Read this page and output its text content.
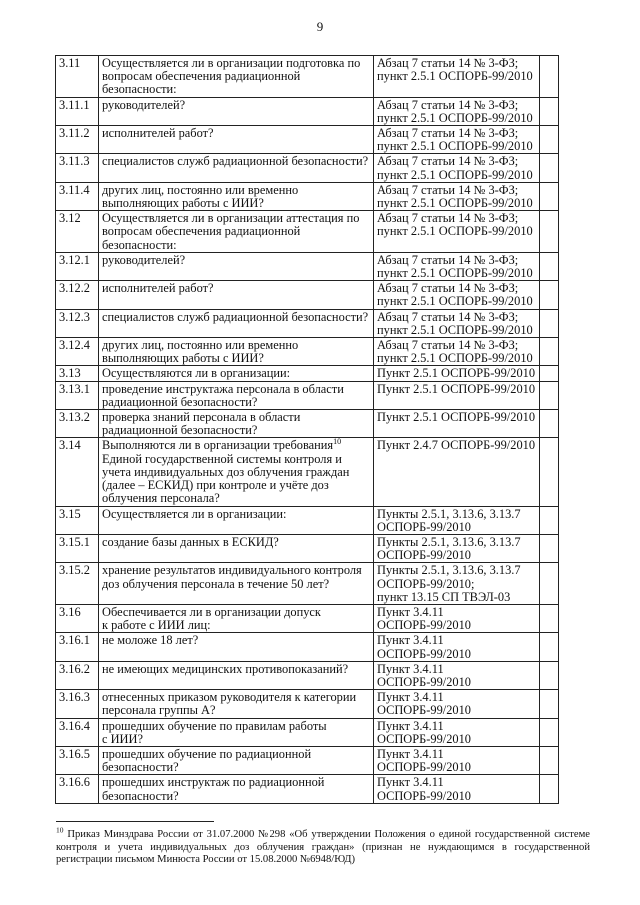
9
3.11	Осуществляется ли в организации подготовка по вопросам обеспечения радиационной безопасности:	Абзац 7 статьи 14 № 3-ФЗ;
пункт 2.5.1 ОСПОРБ-99/2010	
3.11.1	руководителей?	Абзац 7 статьи 14 № 3-ФЗ;
пункт 2.5.1 ОСПОРБ-99/2010	
3.11.2	исполнителей работ?	Абзац 7 статьи 14 № 3-ФЗ;
пункт 2.5.1 ОСПОРБ-99/2010	
3.11.3	специалистов служб радиационной безопасности?	Абзац 7 статьи 14 № 3-ФЗ;
пункт 2.5.1 ОСПОРБ-99/2010	
3.11.4	других лиц, постоянно или временно выполняющих работы с ИИИ?	Абзац 7 статьи 14 № 3-ФЗ;
пункт 2.5.1 ОСПОРБ-99/2010	
3.12	Осуществляется ли в организации аттестация по вопросам обеспечения радиационной безопасности:	Абзац 7 статьи 14 № 3-ФЗ;
пункт 2.5.1 ОСПОРБ-99/2010	
3.12.1	руководителей?	Абзац 7 статьи 14 № 3-ФЗ;
пункт 2.5.1 ОСПОРБ-99/2010	
3.12.2	исполнителей работ?	Абзац 7 статьи 14 № 3-ФЗ;
пункт 2.5.1 ОСПОРБ-99/2010	
3.12.3	специалистов служб радиационной безопасности?	Абзац 7 статьи 14 № 3-ФЗ;
пункт 2.5.1 ОСПОРБ-99/2010	
3.12.4	других лиц, постоянно или временно выполняющих работы с ИИИ?	Абзац 7 статьи 14 № 3-ФЗ;
пункт 2.5.1 ОСПОРБ-99/2010	
3.13	Осуществляются ли в организации:	Пункт 2.5.1 ОСПОРБ-99/2010	
3.13.1	проведение инструктажа персонала в области радиационной безопасности?	Пункт 2.5.1 ОСПОРБ-99/2010	
3.13.2	проверка знаний персонала в области радиационной безопасности?	Пункт 2.5.1 ОСПОРБ-99/2010	
3.14	Выполняются ли в организации требования$^{10}$
Единой государственной системы контроля и учета индивидуальных доз облучения граждан (далее – ЕСКИД) при контроле и учёте доз облучения персонала?	Пункт 2.4.7 ОСПОРБ-99/2010	
3.15	Осуществляется ли в организации:	Пункты 2.5.1, 3.13.6, 3.13.7
ОСПОРБ-99/2010	
3.15.1	создание базы данных в ЕСКИД?	Пункты 2.5.1, 3.13.6, 3.13.7
ОСПОРБ-99/2010	
3.15.2	хранение результатов индивидуального контроля доз облучения персонала в течение 50 лет?	Пункты 2.5.1, 3.13.6, 3.13.7
ОСПОРБ-99/2010;
пункт 13.15 СП ТВЭЛ-03	
3.16	Обеспечивается ли в организации допуск
к работе с ИИИ лиц:	Пункт 3.4.11 ОСПОРБ-99/2010	
3.16.1	не моложе 18 лет?	Пункт 3.4.11 ОСПОРБ-99/2010	
3.16.2	не имеющих медицинских противопоказаний?	Пункт 3.4.11 ОСПОРБ-99/2010	
3.16.3	отнесенных приказом руководителя к категории персонала группы А?	Пункт 3.4.11 ОСПОРБ-99/2010	
3.16.4	прошедших обучение по правилам работы
с ИИИ?	Пункт 3.4.11 ОСПОРБ-99/2010	
3.16.5	прошедших обучение по радиационной безопасности?	Пункт 3.4.11 ОСПОРБ-99/2010	
3.16.6	прошедших инструктаж по радиационной безопасности?	Пункт 3.4.11 ОСПОРБ-99/2010	
$^{10}$ Приказ Минздрава России от 31.07.2000 №298 «Об утверждении Положения о единой государственной системе контроля и учета индивидуальных доз облучения граждан» (признан не нуждающимся в государственной регистрации письмом Минюста России от 15.08.2000 №6948/ЮД)
